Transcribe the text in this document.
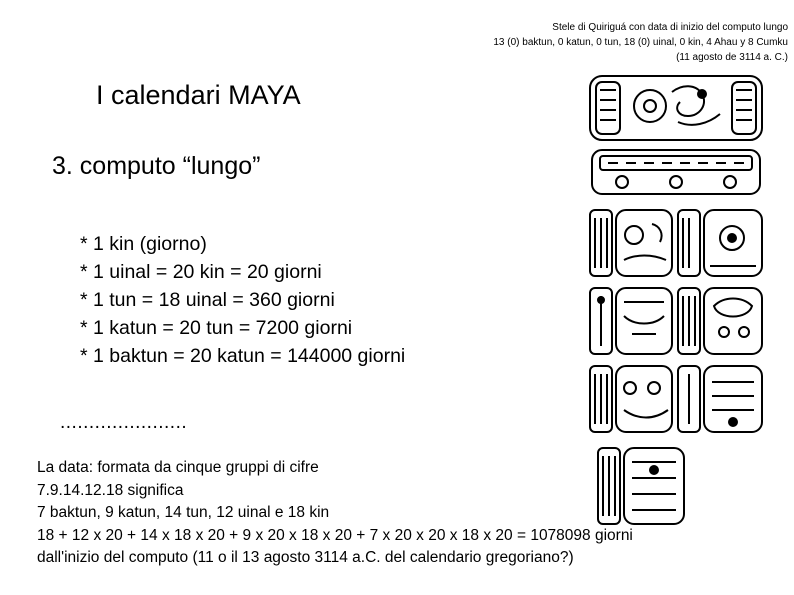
Stele di Quiriguá con data di inizio del computo lungo
13 (0) baktun, 0 katun, 0 tun, 18 (0) uinal, 0 kin, 4 Ahau y 8 Cumku
(11 agosto de 3114 a. C.)
I calendari MAYA
3. computo “lungo”
* 1 kin (giorno)
* 1 uinal = 20 kin = 20 giorni
* 1 tun = 18 uinal = 360 giorni
* 1 katun = 20 tun = 7200 giorni
* 1 baktun = 20 katun = 144000 giorni
......................
La data: formata da cinque gruppi di cifre
7.9.14.12.18 significa
7 baktun, 9 katun, 14 tun, 12 uinal e 18 kin
18 + 12 x 20 + 14 x 18 x 20 + 9 x 20 x 18 x 20 + 7 x 20 x 20 x 18 x 20 = 1078098 giorni
dall'inizio del computo (11 o il 13 agosto 3114 a.C. del calendario gregoriano?)
